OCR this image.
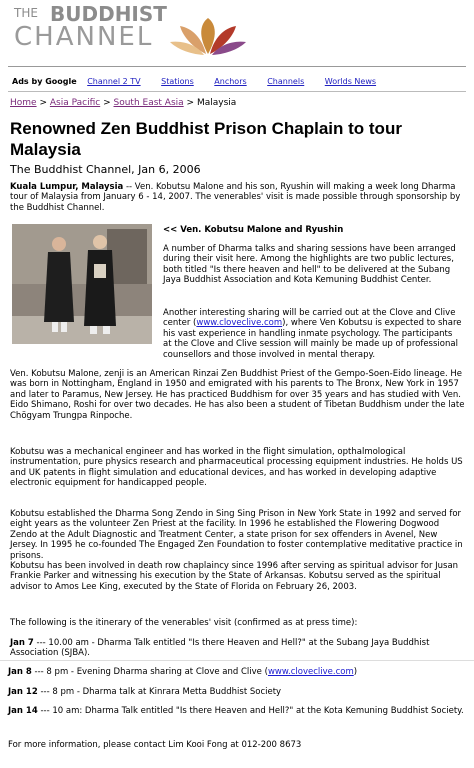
THE BUDDHIST
CHANNEL
Ads by Google Channel 2 TV	Stations	Anchors	Channels	Worlds News
Home > Asia Pacific > South East Asia > Malaysia
Renowned Zen Buddhist Prison Chaplain to tour Malaysia
The Buddhist Channel, Jan 6, 2006

Kuala Lumpur, Malaysia -- Ven. Kobutsu Malone and his son, Ryushin will making a week long Dharma tour of Malaysia from January 6 - 14, 2007. The venerables' visit is made possible through sponsorship by the Buddhist Channel.

<< Ven. Kobutsu Malone and Ryushin

A number of Dharma talks and sharing sessions have been arranged during their visit here. Among the highlights are two public lectures, both titled "Is there heaven and hell" to be delivered at the Subang Jaya Buddhist Association and Kota Kemuning Buddhist Center.

Another interesting sharing will be carried out at the Clove and Clive center (www.cloveclive.com), where Ven Kobutsu is expected to share his vast experience in handling inmate psychology. The participants at the Clove and Clive session will mainly be made up of professional counsellors and those involved in mental therapy.

Ven. Kobutsu Malone, zenji is an American Rinzai Zen Buddhist Priest of the Gempo-Soen-Eido lineage. He was born in Nottingham, England in 1950 and emigrated with his parents to The Bronx, New York in 1957 and later to Paramus, New Jersey. He has practiced Buddhism for over 35 years and has studied with Ven. Eido Shimano, Roshi for over two decades. He has also been a student of Tibetan Buddhism under the late Chögyam Trungpa Rinpoche.

Kobutsu was a mechanical engineer and has worked in the flight simulation, opthalmological instrumentation, pure physics research and pharmaceutical processing equipment industries. He holds US and UK patents in flight simulation and educational devices, and has worked in developing adaptive electronic equipment for handicapped people.

Kobutsu established the Dharma Song Zendo in Sing Sing Prison in New York State in 1992 and served for eight years as the volunteer Zen Priest at the facility. In 1996 he established the Flowering Dogwood Zendo at the Adult Diagnostic and Treatment Center, a state prison for sex offenders in Avenel, New Jersey. In 1995 he co-founded The Engaged Zen Foundation to foster contemplative meditative practice in prisons.

Kobutsu has been involved in death row chaplaincy since 1996 after serving as spiritual advisor for Jusan Frankie Parker and witnessing his execution by the State of Arkansas. Kobutsu served as the spiritual advisor to Amos Lee King, executed by the State of Florida on February 26, 2003.

The following is the itinerary of the venerables' visit (confirmed as at press time):

Jan 7 --- 10.00 am - Dharma Talk entitled "Is there Heaven and Hell?" at the Subang Jaya Buddhist Association (SJBA).

Jan 8 --- 8 pm - Evening Dharma sharing at Clove and Clive (www.cloveclive.com)

Jan 12 --- 8 pm - Dharma talk at Kinrara Metta Buddhist Society

Jan 14 --- 10 am: Dharma Talk entitled "Is there Heaven and Hell?" at the Kota Kemuning Buddhist Society.

For more information, please contact Lim Kooi Fong at 012-200 8673
